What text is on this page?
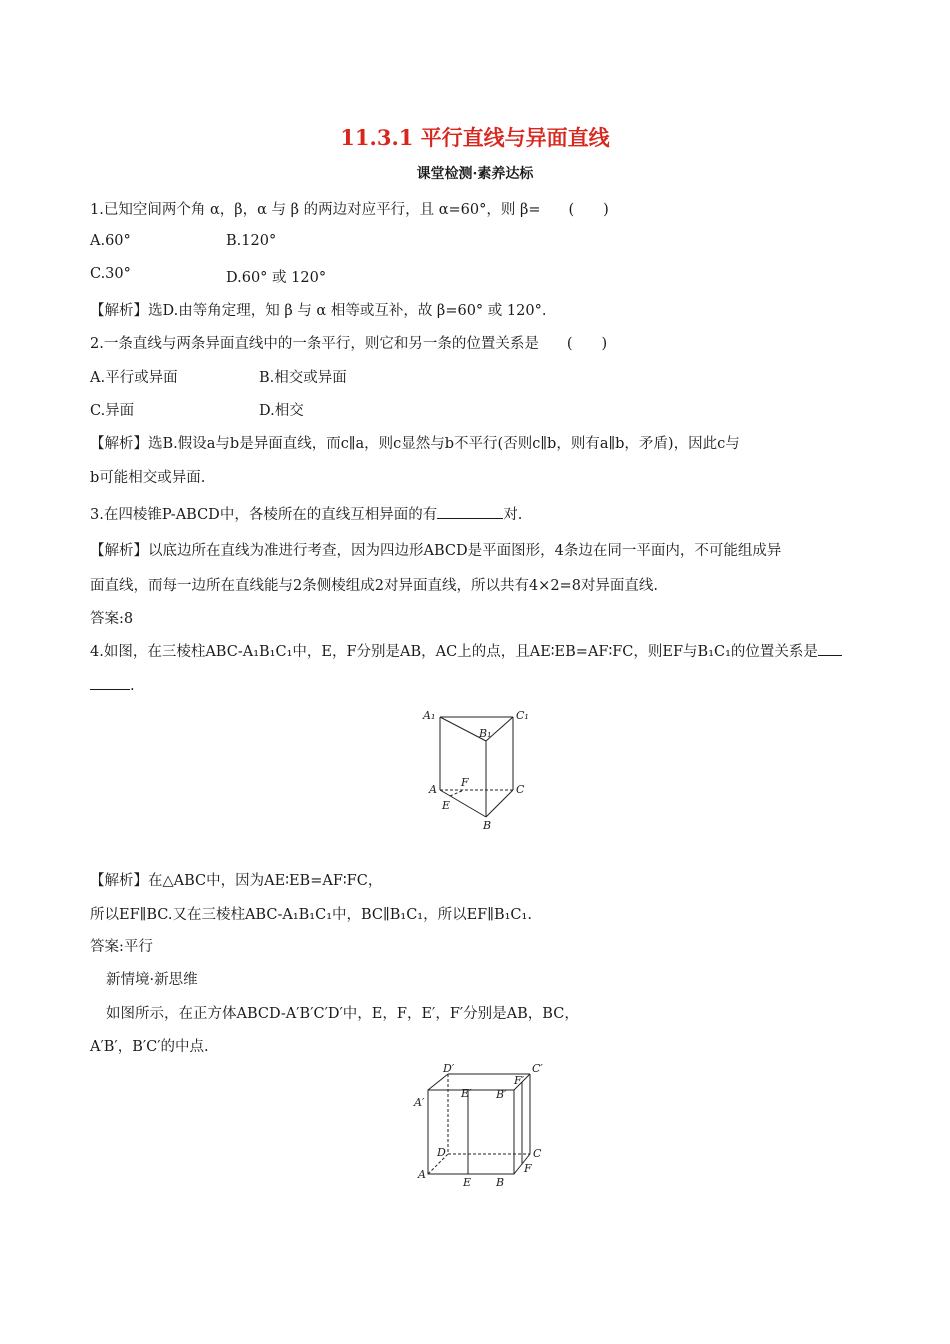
11.3.1 平行直线与异面直线
课堂检测·素养达标
1.已知空间两个角 α，β，α 与 β 的两边对应平行，且 α=60°，则 β= (　　)
A.60°	B.120°
C.30°	D.60° 或 120°
【解析】选D.由等角定理，知 β 与 α 相等或互补，故 β=60° 或 120°.
2.一条直线与两条异面直线中的一条平行，则它和另一条的位置关系是 (　　)
A.平行或异面	B.相交或异面
C.异面	D.相交
【解析】选B.假设a与b是异面直线，而c∥a，则c显然与b不平行(否则c∥b，则有a∥b，矛盾)，因此c与
b可能相交或异面.
3.在四棱锥P-ABCD中，各棱所在的直线互相异面的有	对.
【解析】以底边所在直线为准进行考查，因为四边形ABCD是平面图形，4条边在同一平面内，不可能组成异
面直线，而每一边所在直线能与2条侧棱组成2对异面直线，所以共有4×2=8对异面直线.
答案:8
4.如图，在三棱柱ABC-A₁B₁C₁中，E，F分别是AB，AC上的点，且AE∶EB=AF∶FC，则EF与B₁C₁的位置关系是
.
A₁	C₁
B₁
A	C
B
E
F
【解析】在△ABC中，因为AE∶EB=AF∶FC，
所以EF∥BC.又在三棱柱ABC-A₁B₁C₁中，BC∥B₁C₁，所以EF∥B₁C₁.
答案:平行
新情境·新思维
如图所示，在正方体ABCD-A′B′C′D′中，E，F，E′，F′分别是AB，BC，
A′B′，B′C′的中点.
D′	C′
A′
E′ B′
F′
D	C
A
E B
F
